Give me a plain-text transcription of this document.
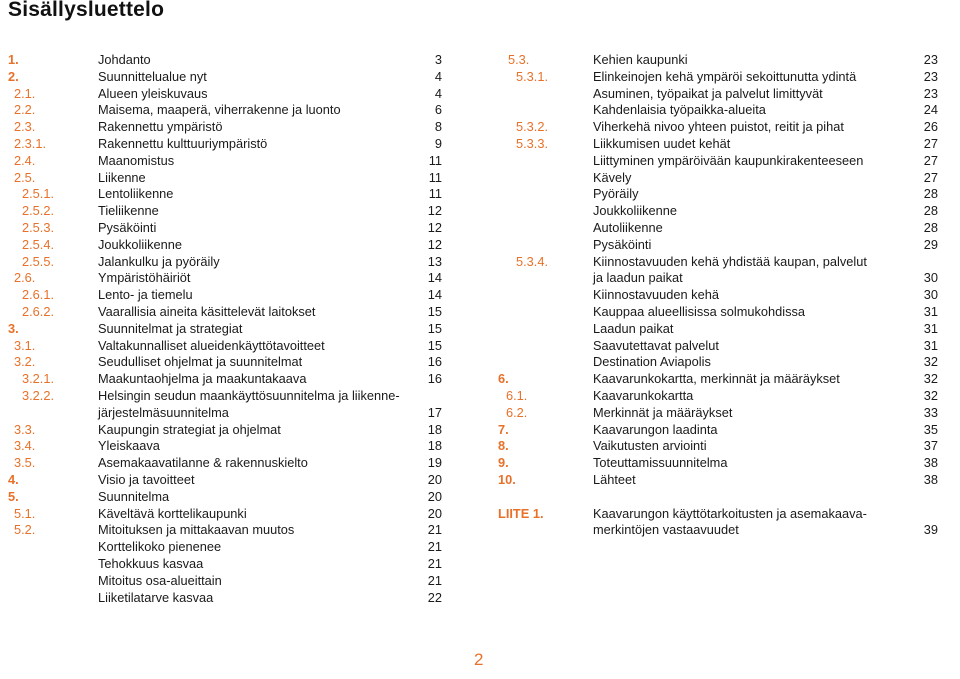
Sisällysluettelo
1.	Johdanto	3
2.	Suunnittelualue nyt	4
2.1.	Alueen yleiskuvaus	4
2.2.	Maisema, maaperä, viherrakenne ja luonto	6
2.3.	Rakennettu ympäristö	8
2.3.1.	Rakennettu kulttuuriympäristö	9
2.4.	Maanomistus	11
2.5.	Liikenne	11
2.5.1.	Lentoliikenne	11
2.5.2.	Tieliikenne	12
2.5.3.	Pysäköinti	12
2.5.4.	Joukkoliikenne	12
2.5.5.	Jalankulku ja pyöräily	13
2.6.	Ympäristöhäiriöt	14
2.6.1.	Lento- ja tiemelu	14
2.6.2.	Vaarallisia aineita käsittelevät laitokset	15
3.	Suunnitelmat ja strategiat	15
3.1.	Valtakunnalliset alueidenkäyttötavoitteet	15
3.2.	Seudulliset ohjelmat ja suunnitelmat	16
3.2.1.	Maakuntaohjelma ja maakuntakaava	16
3.2.2.	Helsingin seudun maankäyttösuunnitelma ja liikenne-
järjestelmäsuunnitelma	17
3.3.	Kaupungin strategiat ja ohjelmat	18
3.4.	Yleiskaava	18
3.5.	Asemakaavatilanne & rakennuskielto	19
4.	Visio ja tavoitteet	20
5.	Suunnitelma	20
5.1.	Käveltävä korttelikaupunki	20
5.2.	Mitoituksen ja mittakaavan muutos	21
Korttelikoko pienenee	21
Tehokkuus kasvaa	21
Mitoitus osa-alueittain	21
Liiketilatarve kasvaa	22
5.3.	Kehien kaupunki	23
5.3.1.	Elinkeinojen kehä ympäröi sekoittunutta ydintä	23
Asuminen, työpaikat ja palvelut limittyvät	23
Kahdenlaisia työpaikka-alueita	24
5.3.2.	Viherkehä nivoo yhteen puistot, reitit ja pihat	26
5.3.3.	Liikkumisen uudet kehät	27
Liittyminen ympäröivään kaupunkirakenteeseen	27
Kävely	27
Pyöräily	28
Joukkoliikenne	28
Autoliikenne	28
Pysäköinti	29
5.3.4.	Kiinnostavuuden kehä yhdistää kaupan, palvelut
ja laadun paikat	30
Kiinnostavuuden kehä	30
Kauppaa alueellisissa solmukohdissa	31
Laadun paikat	31
Saavutettavat palvelut	31
Destination Aviapolis	32
6.	Kaavarunkokartta, merkinnät ja määräykset	32
6.1.	Kaavarunkokartta	32
6.2.	Merkinnät ja määräykset	33
7.	Kaavarungon laadinta	35
8.	Vaikutusten arviointi	37
9.	Toteuttamissuunnitelma	38
10.	Lähteet	38
LIITE 1.	Kaavarungon käyttötarkoitusten ja asemakaava-
merkintöjen vastaavuudet	39
2
